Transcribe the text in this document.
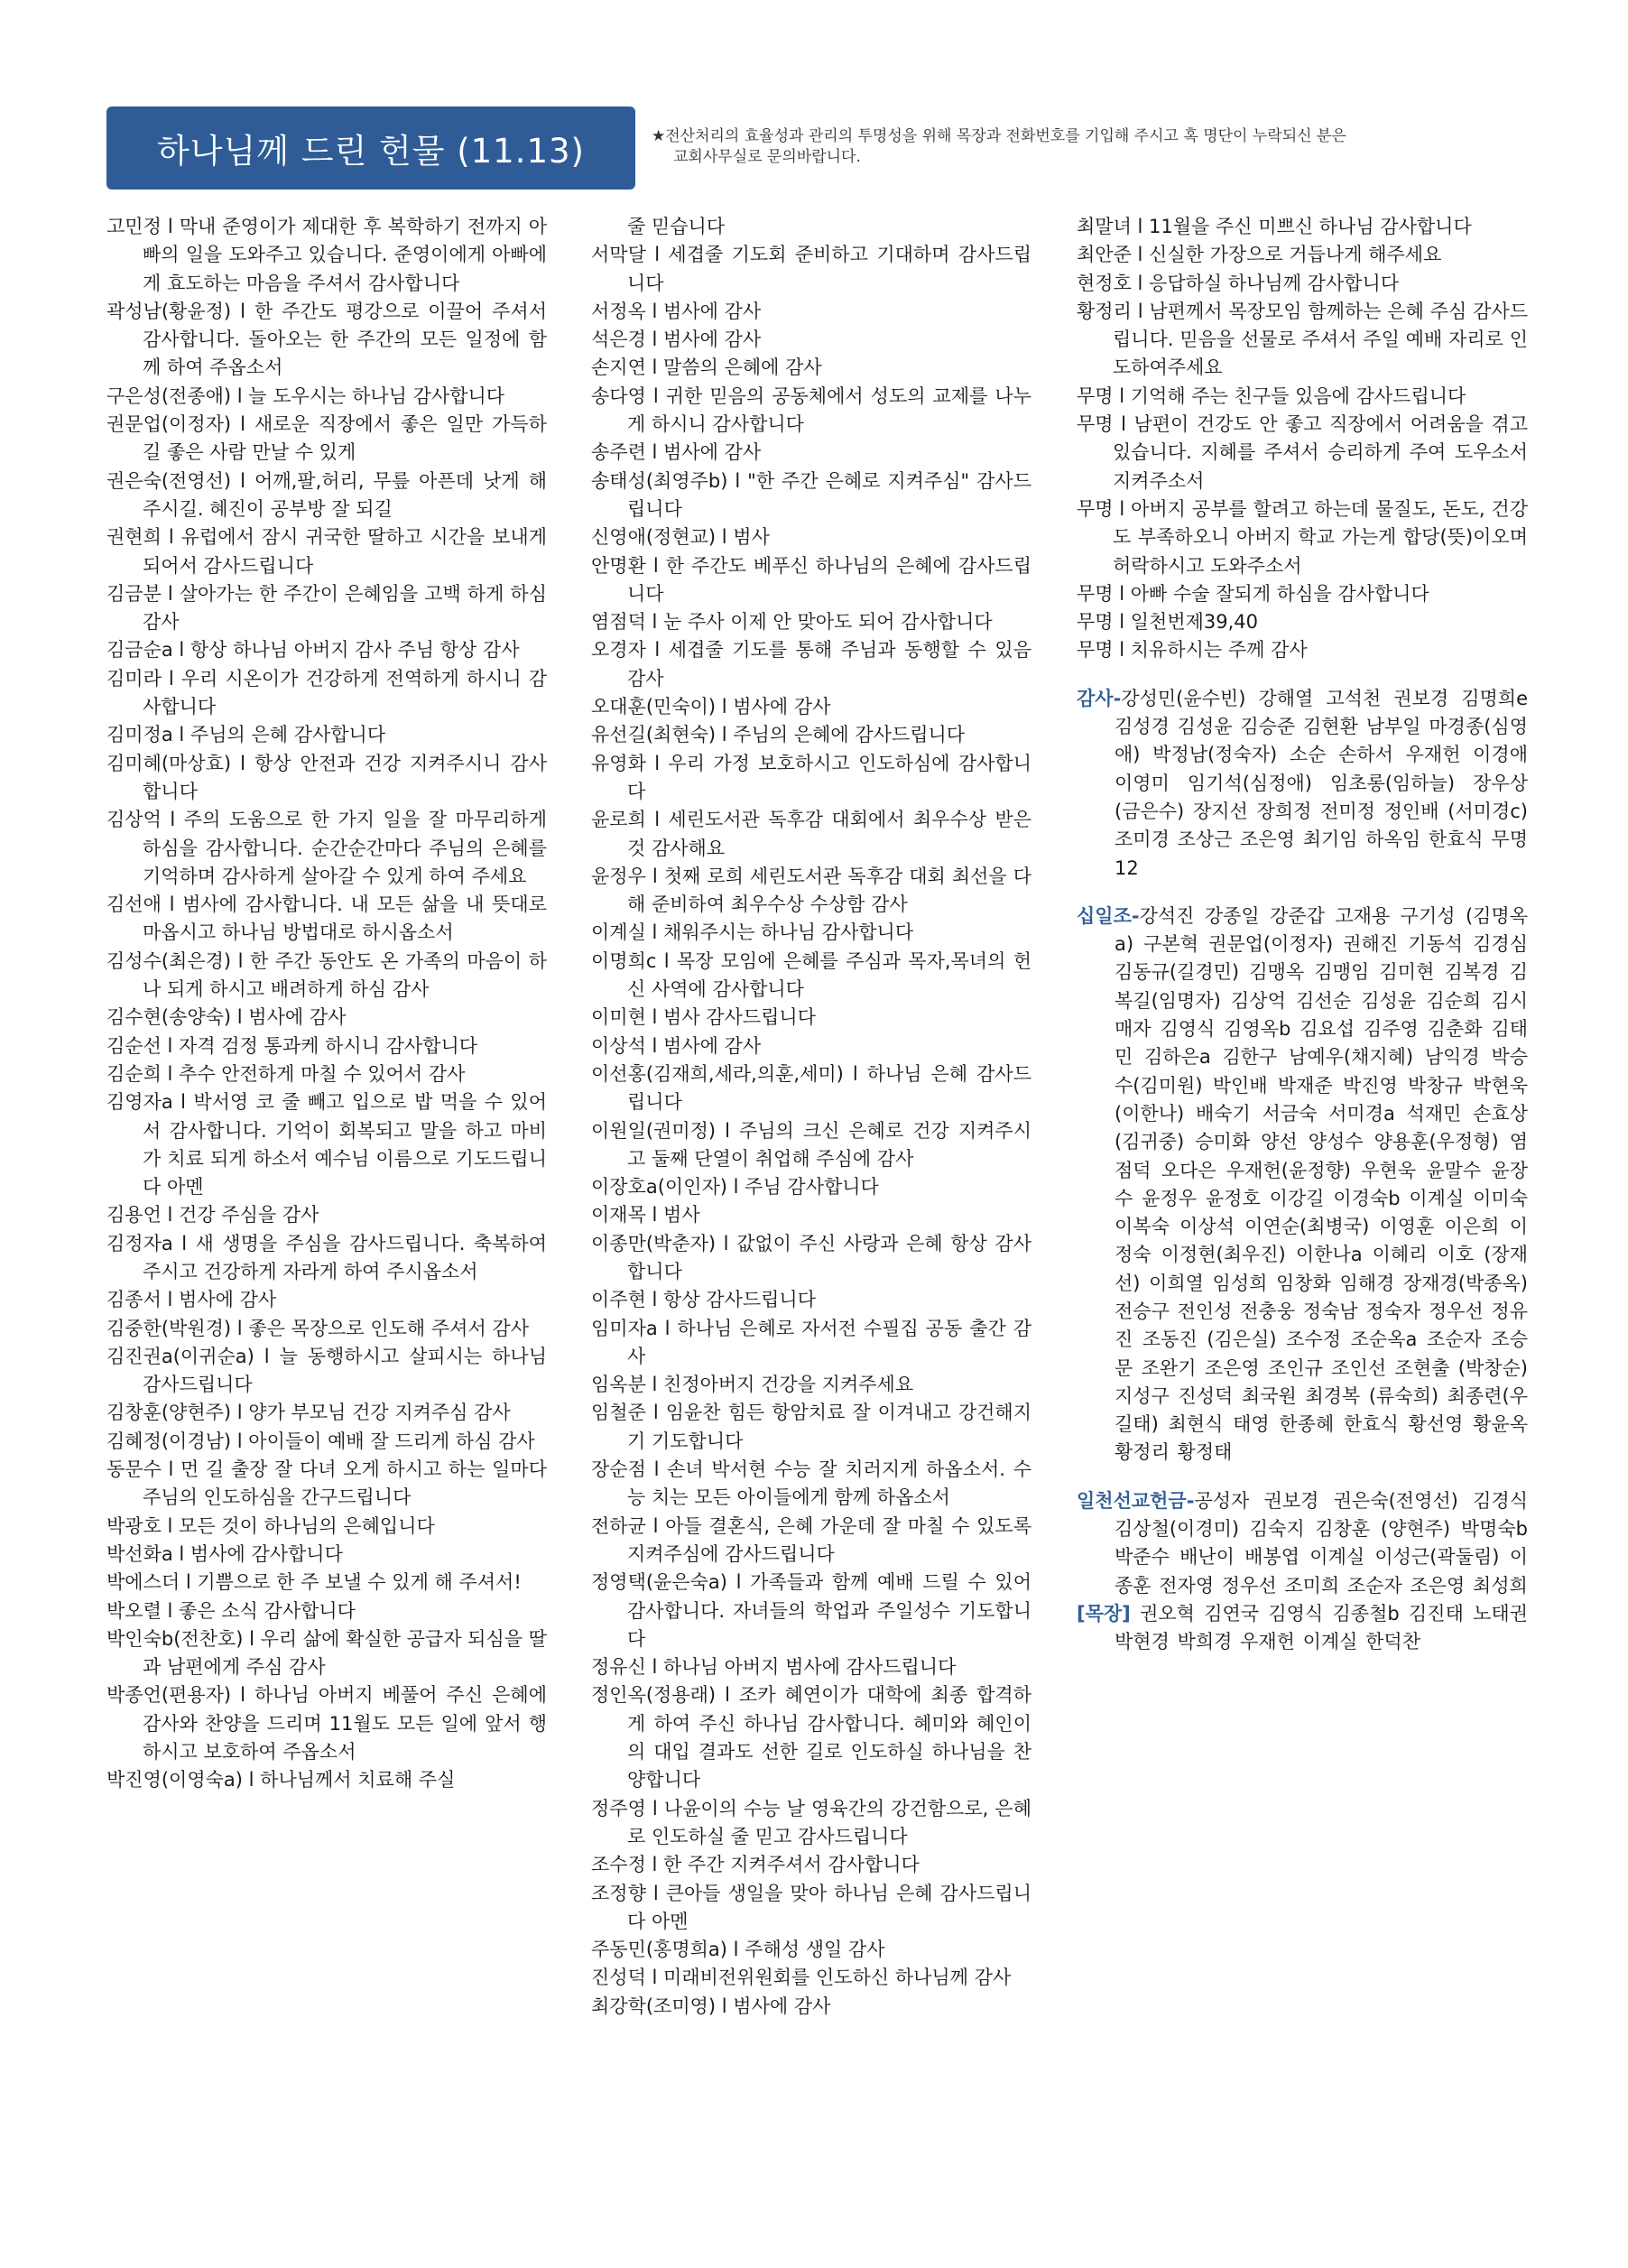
하나님께 드린 헌물 (11.13)	★전산처리의 효율성과 관리의 투명성을 위해 목장과 전화번호를 기입해 주시고 혹 명단이 누락되신 분은
교회사무실로 문의바랍니다.
고민정 l 막내 준영이가 제대한 후 복학하기 전까지 아빠의 일을 도와주고 있습니다. 준영이에게 아빠에게 효도하는 마음을 주셔서 감사합니다
곽성남(황윤정) l 한 주간도 평강으로 이끌어 주셔서 감사합니다. 돌아오는 한 주간의 모든 일정에 함께 하여 주옵소서
구은성(전종애) l 늘 도우시는 하나님 감사합니다
권문업(이정자) l 새로운 직장에서 좋은 일만 가득하길 좋은 사람 만날 수 있게
권은숙(전영선) l 어깨,팔,허리, 무릎 아픈데 낫게 해 주시길. 혜진이 공부방 잘 되길
권현희 l 유럽에서 잠시 귀국한 딸하고 시간을 보내게 되어서 감사드립니다
김금분 l 살아가는 한 주간이 은혜임을 고백 하게 하심 감사
김금순a l 항상 하나님 아버지 감사 주님 항상 감사
김미라 l 우리 시온이가 건강하게 전역하게 하시니 감사합니다
김미정a l 주님의 은혜 감사합니다
김미혜(마상효) l 항상 안전과 건강 지켜주시니 감사합니다
김상억 l 주의 도움으로 한 가지 일을 잘 마무리하게 하심을 감사합니다. 순간순간마다 주님의 은혜를 기억하며 감사하게 살아갈 수 있게 하여 주세요
김선애 l 범사에 감사합니다. 내 모든 삶을 내 뜻대로 마옵시고 하나님 방법대로 하시옵소서
김성수(최은경) l 한 주간 동안도 온 가족의 마음이 하나 되게 하시고 배려하게 하심 감사
김수현(송양숙) l 범사에 감사
김순선 l 자격 검정 통과케 하시니 감사합니다
김순희 l 추수 안전하게 마칠 수 있어서 감사
김영자a l 박서영 코 줄 빼고 입으로 밥 먹을 수 있어서 감사합니다. 기억이 회복되고 말을 하고 마비가 치료 되게 하소서 예수님 이름으로 기도드립니다 아멘
김용언 l 건강 주심을 감사
김정자a l 새 생명을 주심을 감사드립니다. 축복하여 주시고 건강하게 자라게 하여 주시옵소서
김종서 l 범사에 감사
김중한(박원경) l 좋은 목장으로 인도해 주셔서 감사
김진권a(이귀순a) l 늘 동행하시고 살피시는 하나님 감사드립니다
김창훈(양현주) l 양가 부모님 건강 지켜주심 감사
김혜정(이경남) l 아이들이 예배 잘 드리게 하심 감사
동문수 l 먼 길 출장 잘 다녀 오게 하시고 하는 일마다 주님의 인도하심을 간구드립니다
박광호 l 모든 것이 하나님의 은혜입니다
박선화a l 범사에 감사합니다
박에스더 l 기쁨으로 한 주 보낼 수 있게 해 주셔서!
박오렬 l 좋은 소식 감사합니다
박인숙b(전찬호) l 우리 삶에 확실한 공급자 되심을 딸과 남편에게 주심 감사
박종언(편용자) l 하나님 아버지 베풀어 주신 은혜에 감사와 찬양을 드리며 11월도 모든 일에 앞서 행하시고 보호하여 주옵소서
박진영(이영숙a) l 하나님께서 치료해 주실
줄 믿습니다
서막달 l 세겹줄 기도회 준비하고 기대하며 감사드립니다
서정옥 l 범사에 감사
석은경 l 범사에 감사
손지연 l 말씀의 은혜에 감사
송다영 l 귀한 믿음의 공동체에서 성도의 교제를 나누게 하시니 감사합니다
송주련 l 범사에 감사
송태성(최영주b) l "한 주간 은혜로 지켜주심" 감사드립니다
신영애(정현교) l 범사
안명환 l 한 주간도 베푸신 하나님의 은혜에 감사드립니다
염점덕 l 눈 주사 이제 안 맞아도 되어 감사합니다
오경자 l 세겹줄 기도를 통해 주님과 동행할 수 있음 감사
오대훈(민숙이) l 범사에 감사
유선길(최현숙) l 주님의 은혜에 감사드립니다
유영화 l 우리 가정 보호하시고 인도하심에 감사합니다
윤로희 l 세린도서관 독후감 대회에서 최우수상 받은 것 감사해요
윤정우 l 첫째 로희 세린도서관 독후감 대회 최선을 다해 준비하여 최우수상 수상함 감사
이계실 l 채워주시는 하나님 감사합니다
이명희c l 목장 모임에 은혜를 주심과 목자,목녀의 헌신 사역에 감사합니다
이미현 l 범사 감사드립니다
이상석 l 범사에 감사
이선홍(김재희,세라,의훈,세미) l 하나님 은혜 감사드립니다
이원일(권미정) l 주님의 크신 은혜로 건강 지켜주시고 둘째 단열이 취업해 주심에 감사
이장호a(이인자) l 주님 감사합니다
이재목 l 범사
이종만(박춘자) l 값없이 주신 사랑과 은혜 항상 감사합니다
이주현 l 항상 감사드립니다
임미자a l 하나님 은혜로 자서전 수필집 공동 출간 감사
임옥분 l 친정아버지 건강을 지켜주세요
임철준 l 임윤찬 힘든 항암치료 잘 이겨내고 강건해지기 기도합니다
장순점 l 손녀 박서현 수능 잘 치러지게 하옵소서. 수능 치는 모든 아이들에게 함께 하옵소서
전하균 l 아들 결혼식, 은혜 가운데 잘 마칠 수 있도록 지켜주심에 감사드립니다
정영택(윤은숙a) l 가족들과 함께 예배 드릴 수 있어 감사합니다. 자녀들의 학업과 주일성수 기도합니다
정유신 l 하나님 아버지 범사에 감사드립니다
정인옥(정용래) l 조카 혜연이가 대학에 최종 합격하게 하여 주신 하나님 감사합니다. 혜미와 혜인이의 대입 결과도 선한 길로 인도하실 하나님을 찬양합니다
정주영 l 나윤이의 수능 날 영육간의 강건함으로, 은혜로 인도하실 줄 믿고 감사드립니다
조수정 l 한 주간 지켜주셔서 감사합니다
조정향 l 큰아들 생일을 맞아 하나님 은혜 감사드립니다 아멘
주동민(홍명희a) l 주해성 생일 감사
진성덕 l 미래비전위원회를 인도하신 하나님께 감사
최강학(조미영) l 범사에 감사
최말녀 l 11월을 주신 미쁘신 하나님 감사합니다
최안준 l 신실한 가장으로 거듭나게 해주세요
현정호 l 응답하실 하나님께 감사합니다
황정리 l 남편께서 목장모임 함께하는 은혜 주심 감사드립니다. 믿음을 선물로 주셔서 주일 예배 자리로 인도하여주세요
무명 l 기억해 주는 친구들 있음에 감사드립니다
무명 l 남편이 건강도 안 좋고 직장에서 어려움을 겪고 있습니다. 지혜를 주셔서 승리하게 주여 도우소서 지켜주소서
무명 l 아버지 공부를 할려고 하는데 물질도, 돈도, 건강도 부족하오니 아버지 학교 가는게 합당(뜻)이오며 허락하시고 도와주소서
무명 l 아빠 수술 잘되게 하심을 감사합니다
무명 l 일천번제39,40
무명 l 치유하시는 주께 감사
감사-강성민(윤수빈) 강해열 고석천 권보경 김명희e 김성경 김성윤 김승준 김현환 남부일 마경종(심영애) 박정남(정숙자) 소순 손하서 우재헌 이경애 이영미 임기석(심정애) 임초롱(임하늘) 장우상 (금은수) 장지선 장희정 전미정 정인배 (서미경c) 조미경 조상근 조은영 최기임 하옥임 한효식 무명12
십일조-강석진 강종일 강준갑 고재용 구기성 (김명옥a) 구본혁 권문업(이정자) 권해진 기동석 김경심 김동규(길경민) 김맹옥 김맹임 김미현 김복경 김복길(임명자) 김상억 김선순 김성윤 김순희 김시매자 김영식 김영옥b 김요섭 김주영 김춘화 김태민 김하은a 김한구 남예우(채지혜) 남익경 박승수(김미원) 박인배 박재준 박진영 박창규 박현욱(이한나) 배숙기 서금숙 서미경a 석재민 손효상(김귀중) 승미화 양선 양성수 양용훈(우정형) 염점덕 오다은 우재헌(윤정향) 우현욱 윤말수 윤장수 윤정우 윤정호 이강길 이경숙b 이계실 이미숙 이복숙 이상석 이연순(최병국) 이영훈 이은희 이정숙 이정현(최우진) 이한나a 이혜리 이호 (장재선) 이희열 임성희 임창화 임해경 장재경(박종옥) 전승구 전인성 전충웅 정숙남 정숙자 정우선 정유진 조동진 (김은실) 조수정 조순옥a 조순자 조승문 조완기 조은영 조인규 조인선 조현출 (박창순) 지성구 진성덕 최국원 최경복 (류숙희) 최종련(우길태) 최현식 태영 한종혜 한효식 황선영 황윤옥 황정리 황정태
일천선교헌금-공성자 권보경 권은숙(전영선) 김경식 김상철(이경미) 김숙지 김창훈 (양현주) 박명숙b 박준수 배난이 배봉엽 이계실 이성근(곽둘림) 이종훈 전자영 정우선 조미희 조순자 조은영 최성희
[목장] 권오혁 김연국 김영식 김종철b 김진태 노태권 박현경 박희경 우재헌 이계실 한덕찬
